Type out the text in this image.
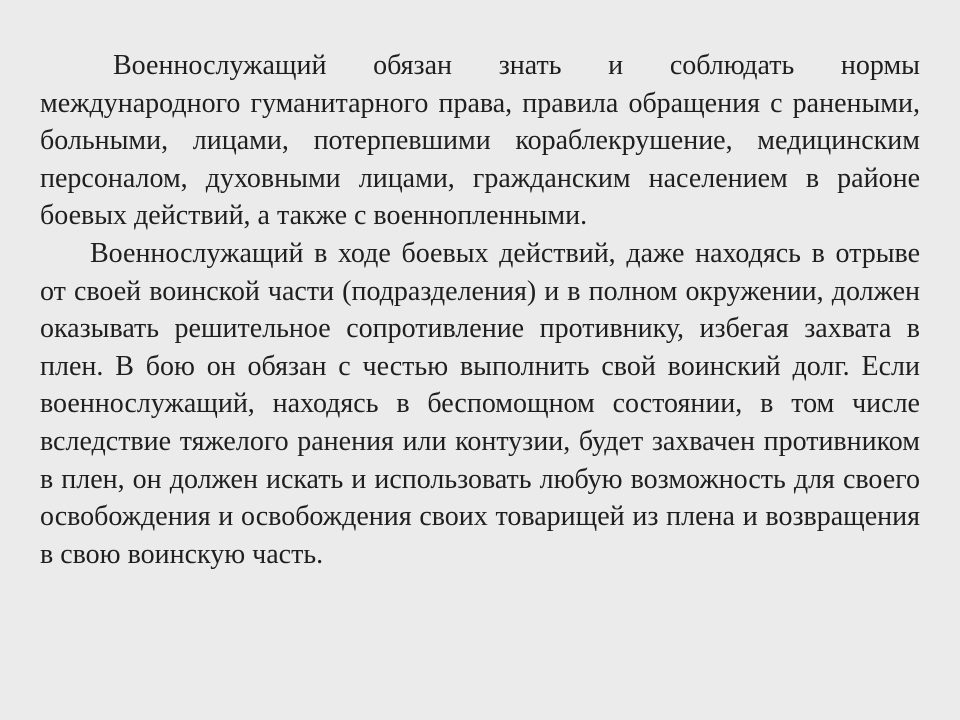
Военнослужащий обязан знать и соблюдать нормы международного гуманитарного права, правила обращения с ранеными, больными, лицами, потерпевшими кораблекрушение, медицинским персоналом, духовными лицами, гражданским населением в районе боевых действий, а также с военнопленными.

Военнослужащий в ходе боевых действий, даже находясь в отрыве от своей воинской части (подразделения) и в полном окружении, должен оказывать решительное сопротивление противнику, избегая захвата в плен. В бою он обязан с честью выполнить свой воинский долг. Если военнослужащий, находясь в беспомощном состоянии, в том числе вследствие тяжелого ранения или контузии, будет захвачен противником в плен, он должен искать и использовать любую возможность для своего освобождения и освобождения своих товарищей из плена и возвращения в свою воинскую часть.
